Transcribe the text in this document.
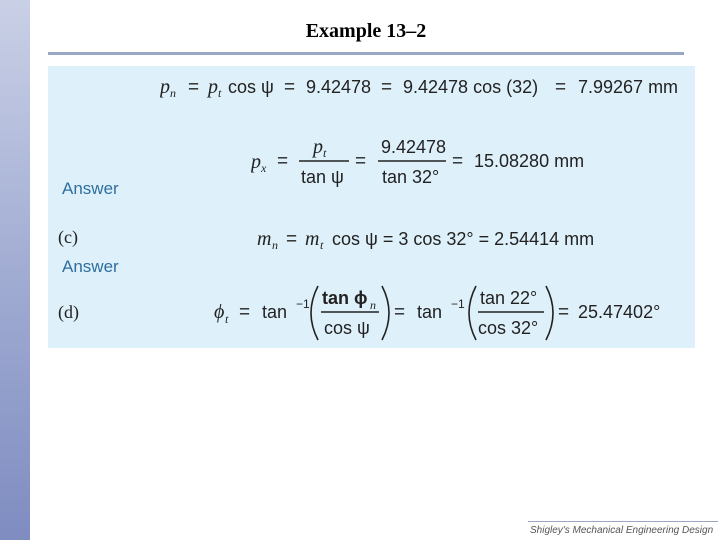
Example 13–2
Answer
(c)
Answer
(d)
p n = p t cos ψ = 9.42478 = 9.42478 cos (32) = 7.99267 mm
p x =
p t
tan ψ
=
9.42478
tan 32°
= 15.08280 mm
m n = m t cos ψ = 3 cos 32° = 2.54414 mm
ϕ t = tan −1 tan ϕ n
cos ψ
= tan −1 tan 22°
cos 32°
= 25.47402°
Shigley's Mechanical Engineering Design
